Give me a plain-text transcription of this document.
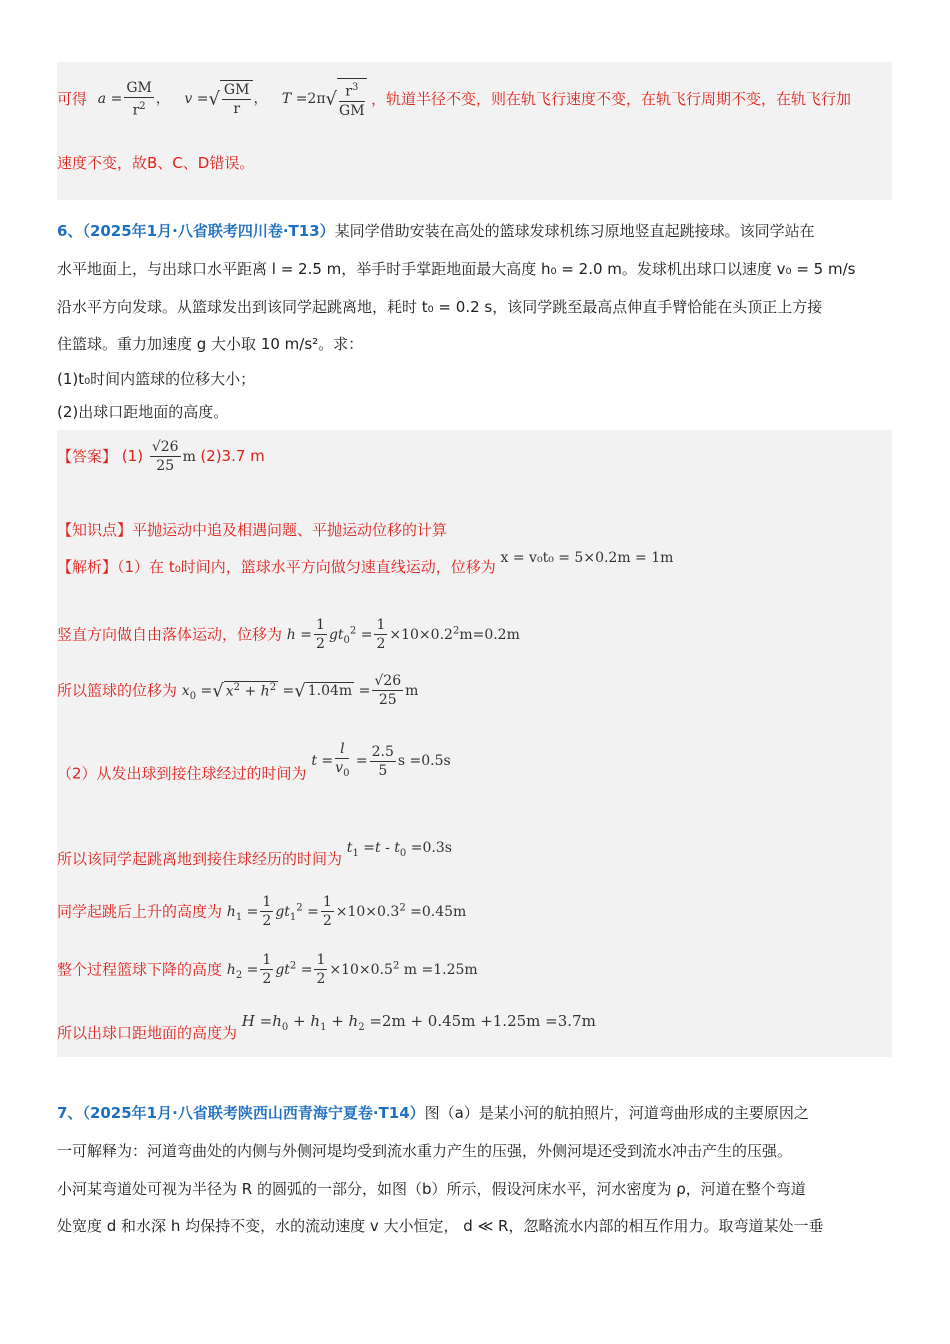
可得 $a = \frac{GM}{r^2}$ ， v =√ $\frac{GM}{r}$ ， $T =2\pi√ \frac{r^3}{GM}$ ，轨道半径不变，则在轨飞行速度不变，在轨飞行周期不变，在轨飞行加
速度不变，故B、C、D错误。
6、（2025年1月·八省联考四川卷·T13）某同学借助安装在高处的篮球发球机练习原地竖直起跳接球。该同学站在
水平地面上，与出球口水平距离 l = 2.5 m，举手时手掌距地面最大高度 h₀ = 2.0 m。发球机出球口以速度 v₀ = 5 m/s
沿水平方向发球。从篮球发出到该同学起跳离地，耗时 t₀ = 0.2 s，该同学跳至最高点伸直手臂恰能在头顶正上方接
住篮球。重力加速度 g 大小取 10 m/s²。求：
(1)t₀时间内篮球的位移大小；
(2)出球口距地面的高度。
【答案】 $(1) \frac{√26}{25}$ m (2)3.7 m
【知识点】平抛运动中追及相遇问题、平抛运动位移的计算
【解析】（1）在 t₀时间内，篮球水平方向做匀速直线运动，位移为 x = v₀t₀ = 5×0.2m = 1m
竖直方向做自由落体运动，位移为 $h = \frac{1}{2} gt_0^2 = \frac{1}{2} \times 10\times 0.2^2m=0.2m$
所以篮球的位移为 $x_0$ =√ $x^2 + h^2$ =√ $1.04m = \frac{√26}{25}$ m
（2）从发出球到接住球经过的时间为 $t = \frac{l}{v_0} = \frac{2.5}{5}$ s =0.5s
所以该同学起跳离地到接住球经历的时间为 $t_1 =t - t_0 =0.3s$
同学起跳后上升的高度为 $h_1 = \frac{1}{2} gt_1^2 = \frac{1}{2} \times 10\times 0.3^2 =0.45m$
整个过程篮球下降的高度 $h_2 = \frac{1}{2} gt^2 = \frac{1}{2} \times 10\times 0.5^2$ m =1.25m
所以出球口距地面的高度为 $H =h_0 + h_1 + h_2 =2m + 0.45m +1.25m =3.7m$
7、（2025年1月·八省联考陕西山西青海宁夏卷·T14）图（a）是某小河的航拍照片，河道弯曲形成的主要原因之
一可解释为：河道弯曲处的内侧与外侧河堤均受到流水重力产生的压强，外侧河堤还受到流水冲击产生的压强。
小河某弯道处可视为半径为 R 的圆弧的一部分，如图（b）所示，假设河床水平，河水密度为 ρ，河道在整个弯道
处宽度 d 和水深 h 均保持不变，水的流动速度 v 大小恒定， d ≪ R，忽略流水内部的相互作用力。取弯道某处一垂
